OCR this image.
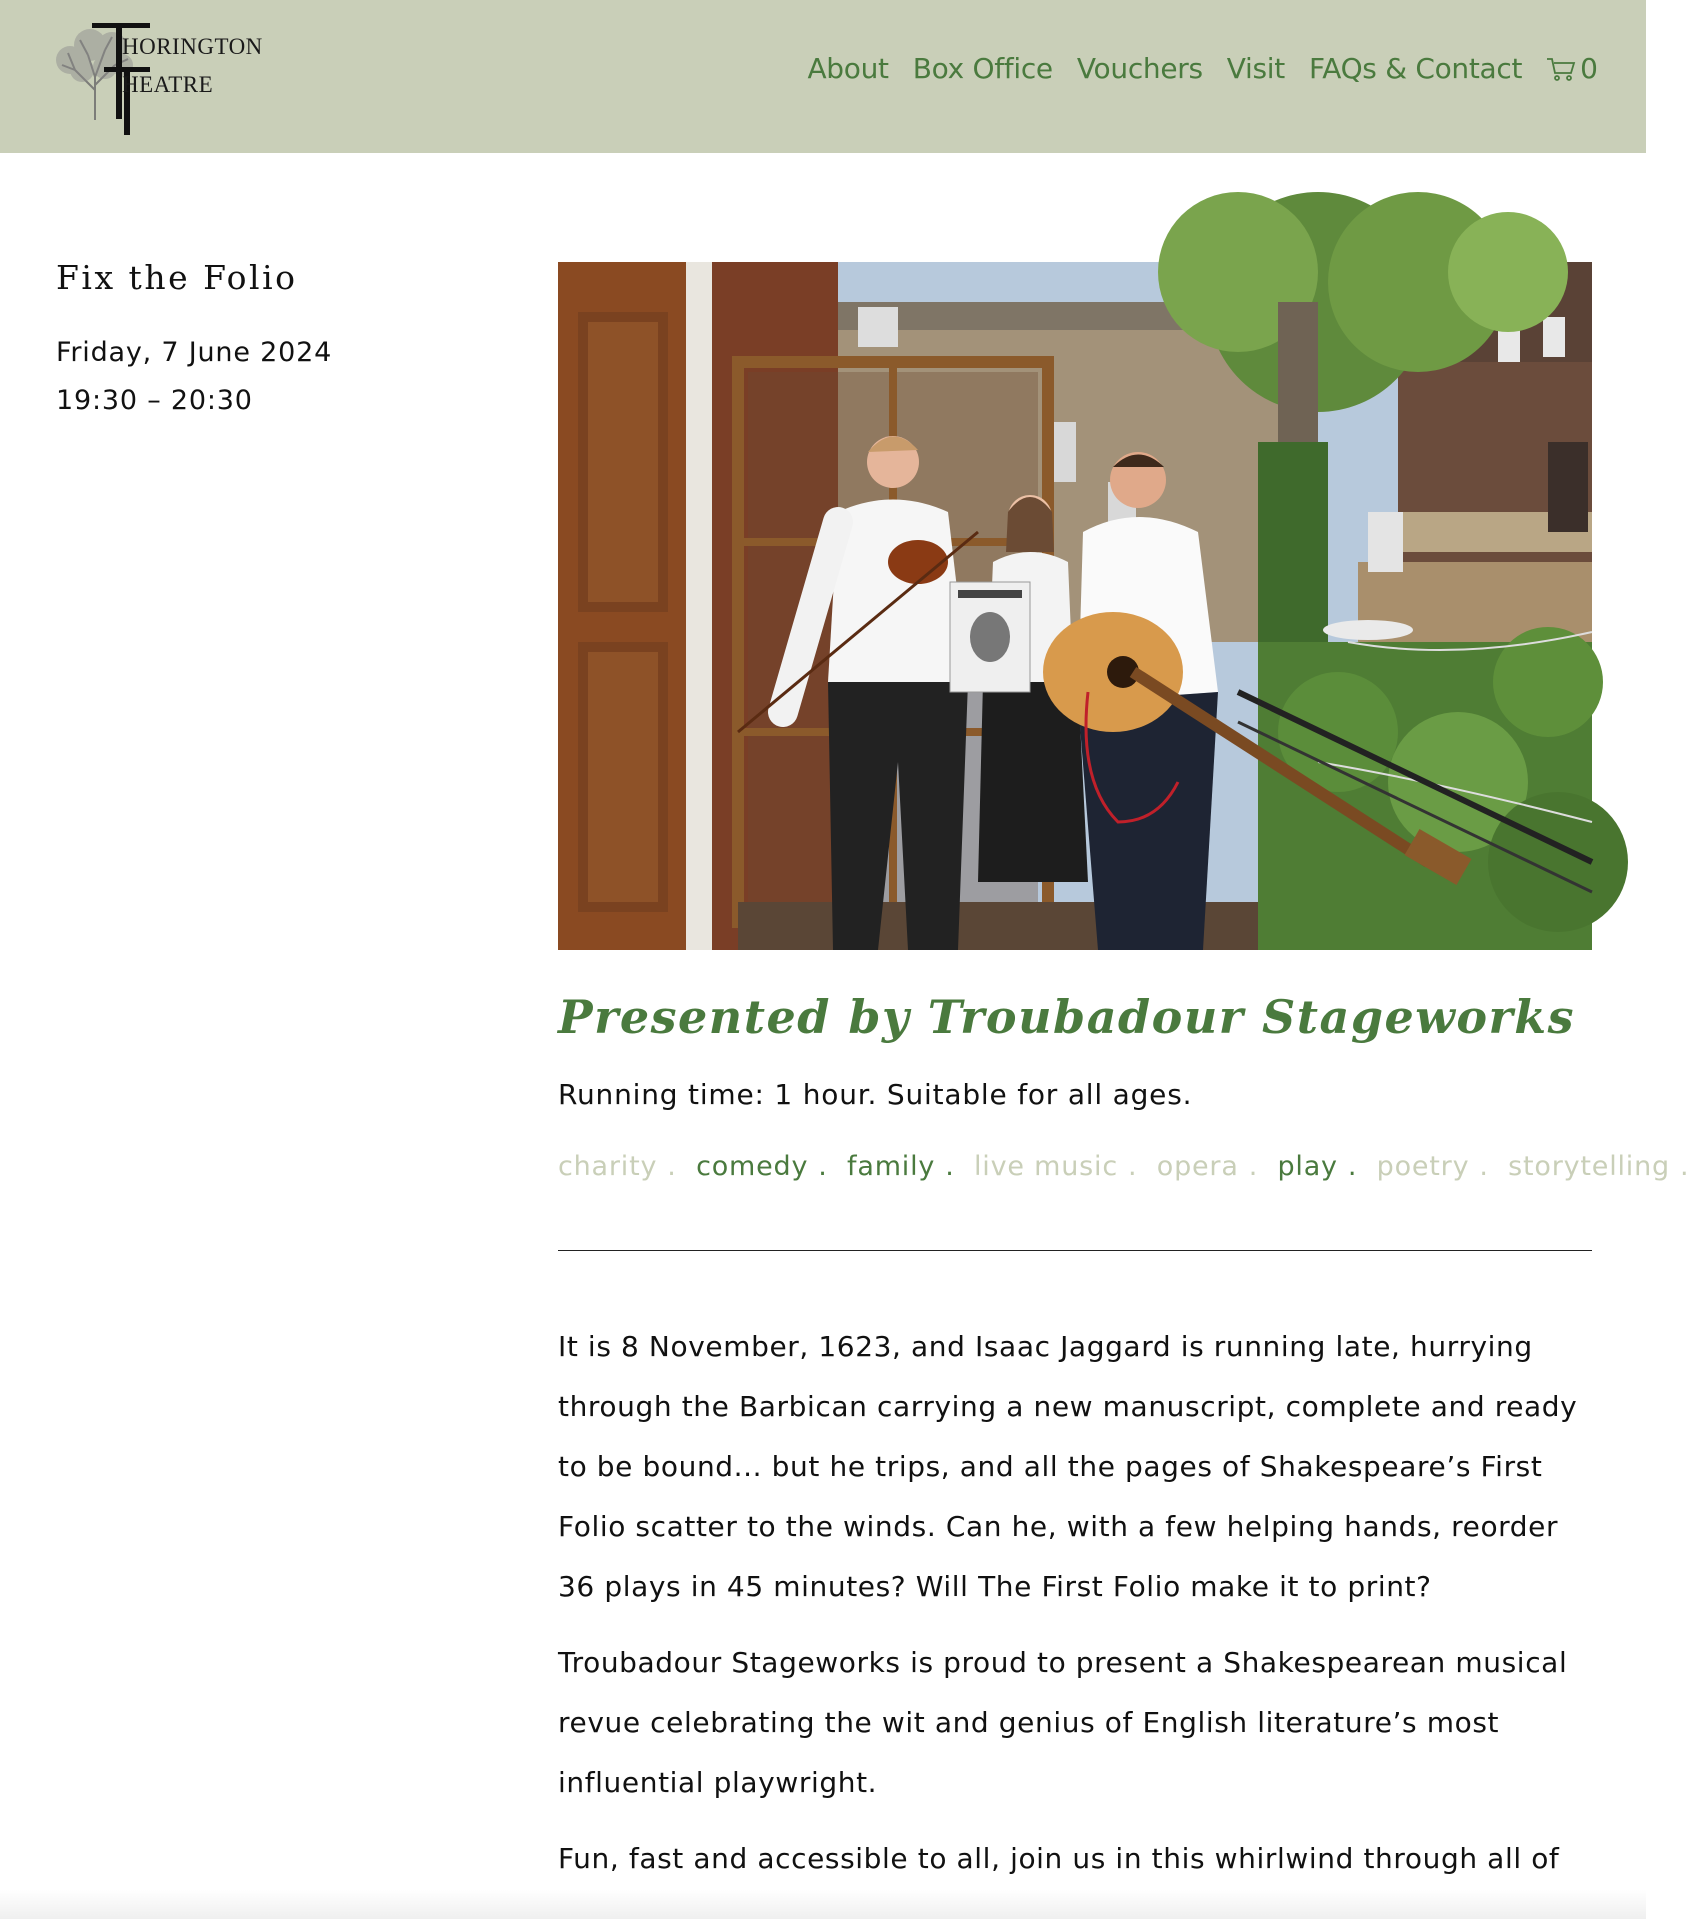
HORINGTON
HEATRE	About Box Office Vouchers Visit FAQs & Contact 0
Fix the Folio
Friday, 7 June 2024
19:30 – 20:30
Presented by Troubadour Stageworks
Running time: 1 hour. Suitable for all ages.
charity . comedy . family . live music . opera . play . poetry . storytelling .

It is 8 November, 1623, and Isaac Jaggard is running late, hurrying through the Barbican carrying a new manuscript, complete and ready to be bound... but he trips, and all the pages of Shakespeare’s First Folio scatter to the winds. Can he, with a few helping hands, reorder 36 plays in 45 minutes? Will The First Folio make it to print?

Troubadour Stageworks is proud to present a Shakespearean musical revue celebrating the wit and genius of English literature’s most influential playwright.

Fun, fast and accessible to all, join us in this whirlwind through all of
